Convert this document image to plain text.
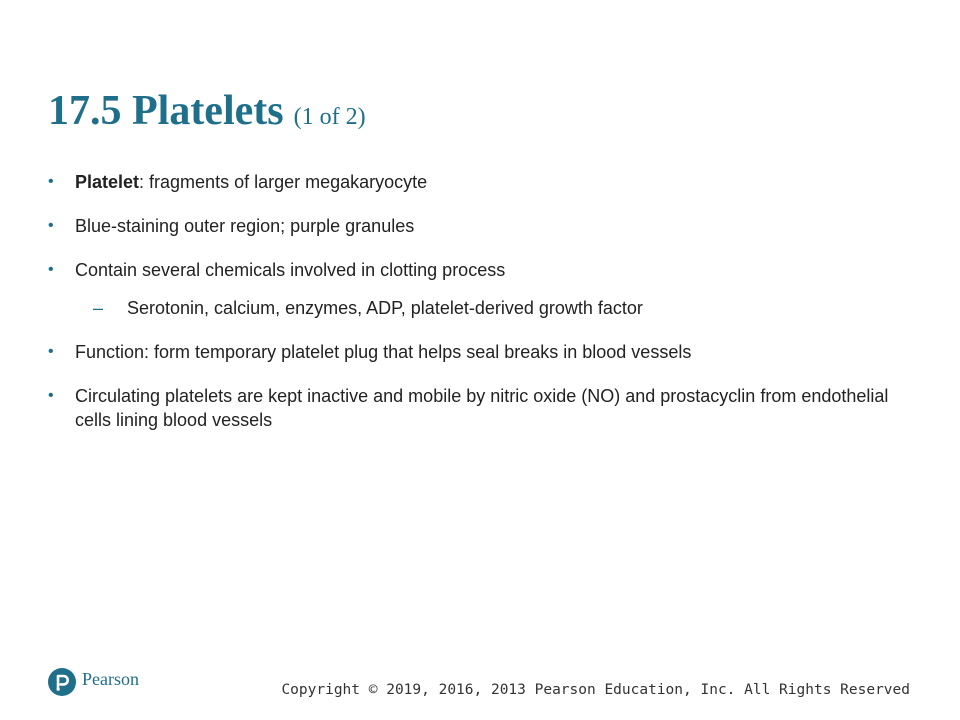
17.5 Platelets (1 of 2)
• Platelet: fragments of larger megakaryocyte
• Blue-staining outer region; purple granules
• Contain several chemicals involved in clotting process
– Serotonin, calcium, enzymes, ADP, platelet-derived growth factor
• Function: form temporary platelet plug that helps seal breaks in blood vessels
• Circulating platelets are kept inactive and mobile by nitric oxide (NO) and prostacyclin from endothelial cells lining blood vessels
Pearson
Copyright © 2019, 2016, 2013 Pearson Education, Inc. All Rights Reserved
